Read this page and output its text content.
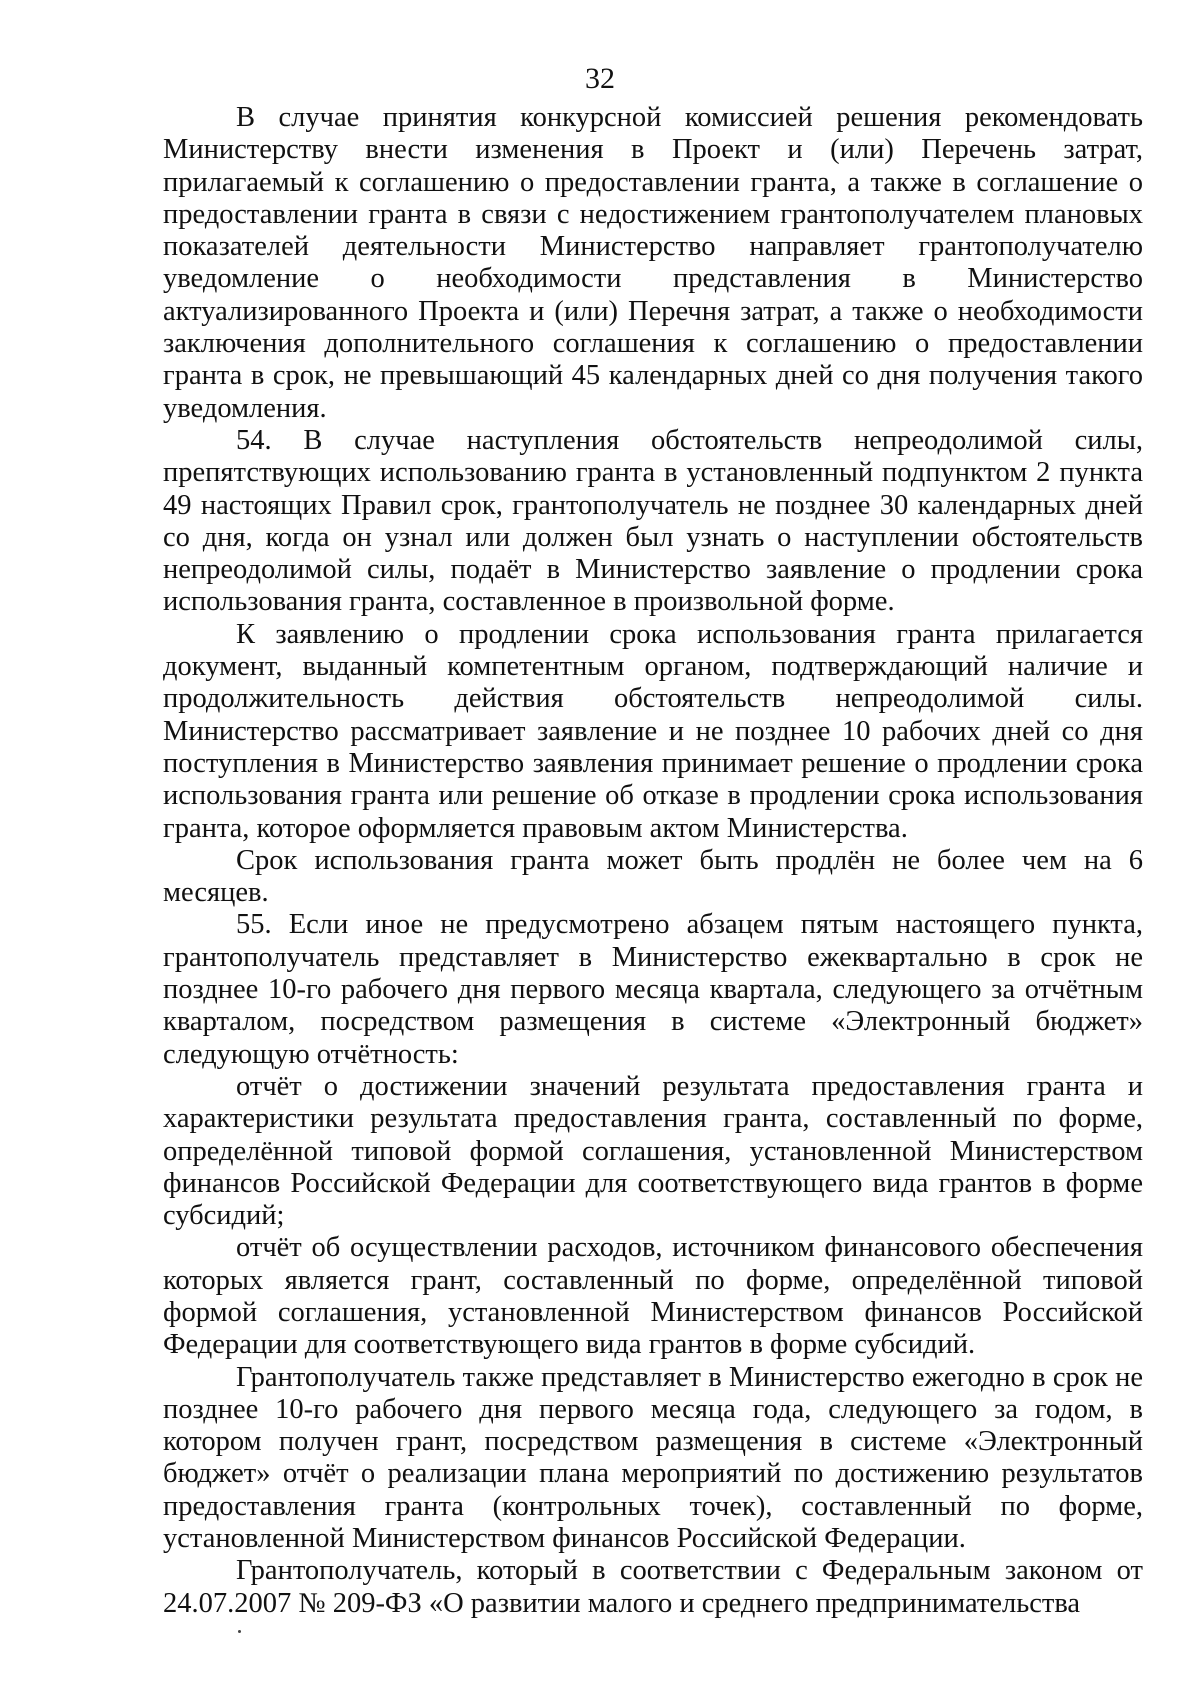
32

В случае принятия конкурсной комиссией решения рекомендовать Министерству внести изменения в Проект и (или) Перечень затрат, прилагаемый к соглашению о предоставлении гранта, а также в соглашение о предоставлении гранта в связи с недостижением грантополучателем плановых показателей деятельности Министерство направляет грантополучателю уведомление о необходимости представления в Министерство актуализированного Проекта и (или) Перечня затрат, а также о необходимости заключения дополнительного соглашения к соглашению о предоставлении гранта в срок, не превышающий 45 календарных дней со дня получения такого уведомления.

54. В случае наступления обстоятельств непреодолимой силы, препятствующих использованию гранта в установленный подпунктом 2 пункта 49 настоящих Правил срок, грантополучатель не позднее 30 календарных дней со дня, когда он узнал или должен был узнать о наступлении обстоятельств непреодолимой силы, подаёт в Министерство заявление о продлении срока использования гранта, составленное в произвольной форме.

К заявлению о продлении срока использования гранта прилагается документ, выданный компетентным органом, подтверждающий наличие и продолжительность действия обстоятельств непреодолимой силы. Министерство рассматривает заявление и не позднее 10 рабочих дней со дня поступления в Министерство заявления принимает решение о продлении срока использования гранта или решение об отказе в продлении срока использования гранта, которое оформляется правовым актом Министерства.

Срок использования гранта может быть продлён не более чем на 6 месяцев.

55. Если иное не предусмотрено абзацем пятым настоящего пункта, грантополучатель представляет в Министерство ежеквартально в срок не позднее 10-го рабочего дня первого месяца квартала, следующего за отчётным кварталом, посредством размещения в системе «Электронный бюджет» следующую отчётность:

отчёт о достижении значений результата предоставления гранта и характеристики результата предоставления гранта, составленный по форме, определённой типовой формой соглашения, установленной Министерством финансов Российской Федерации для соответствующего вида грантов в форме субсидий;

отчёт об осуществлении расходов, источником финансового обеспечения которых является грант, составленный по форме, определённой типовой формой соглашения, установленной Министерством финансов Российской Федерации для соответствующего вида грантов в форме субсидий.

Грантополучатель также представляет в Министерство ежегодно в срок не позднее 10-го рабочего дня первого месяца года, следующего за годом, в котором получен грант, посредством размещения в системе «Электронный бюджет» отчёт о реализации плана мероприятий по достижению результатов предоставления гранта (контрольных точек), составленный по форме, установленной Министерством финансов Российской Федерации.

Грантополучатель, который в соответствии с Федеральным законом от 24.07.2007 № 209-ФЗ «О развитии малого и среднего предпринимательства
